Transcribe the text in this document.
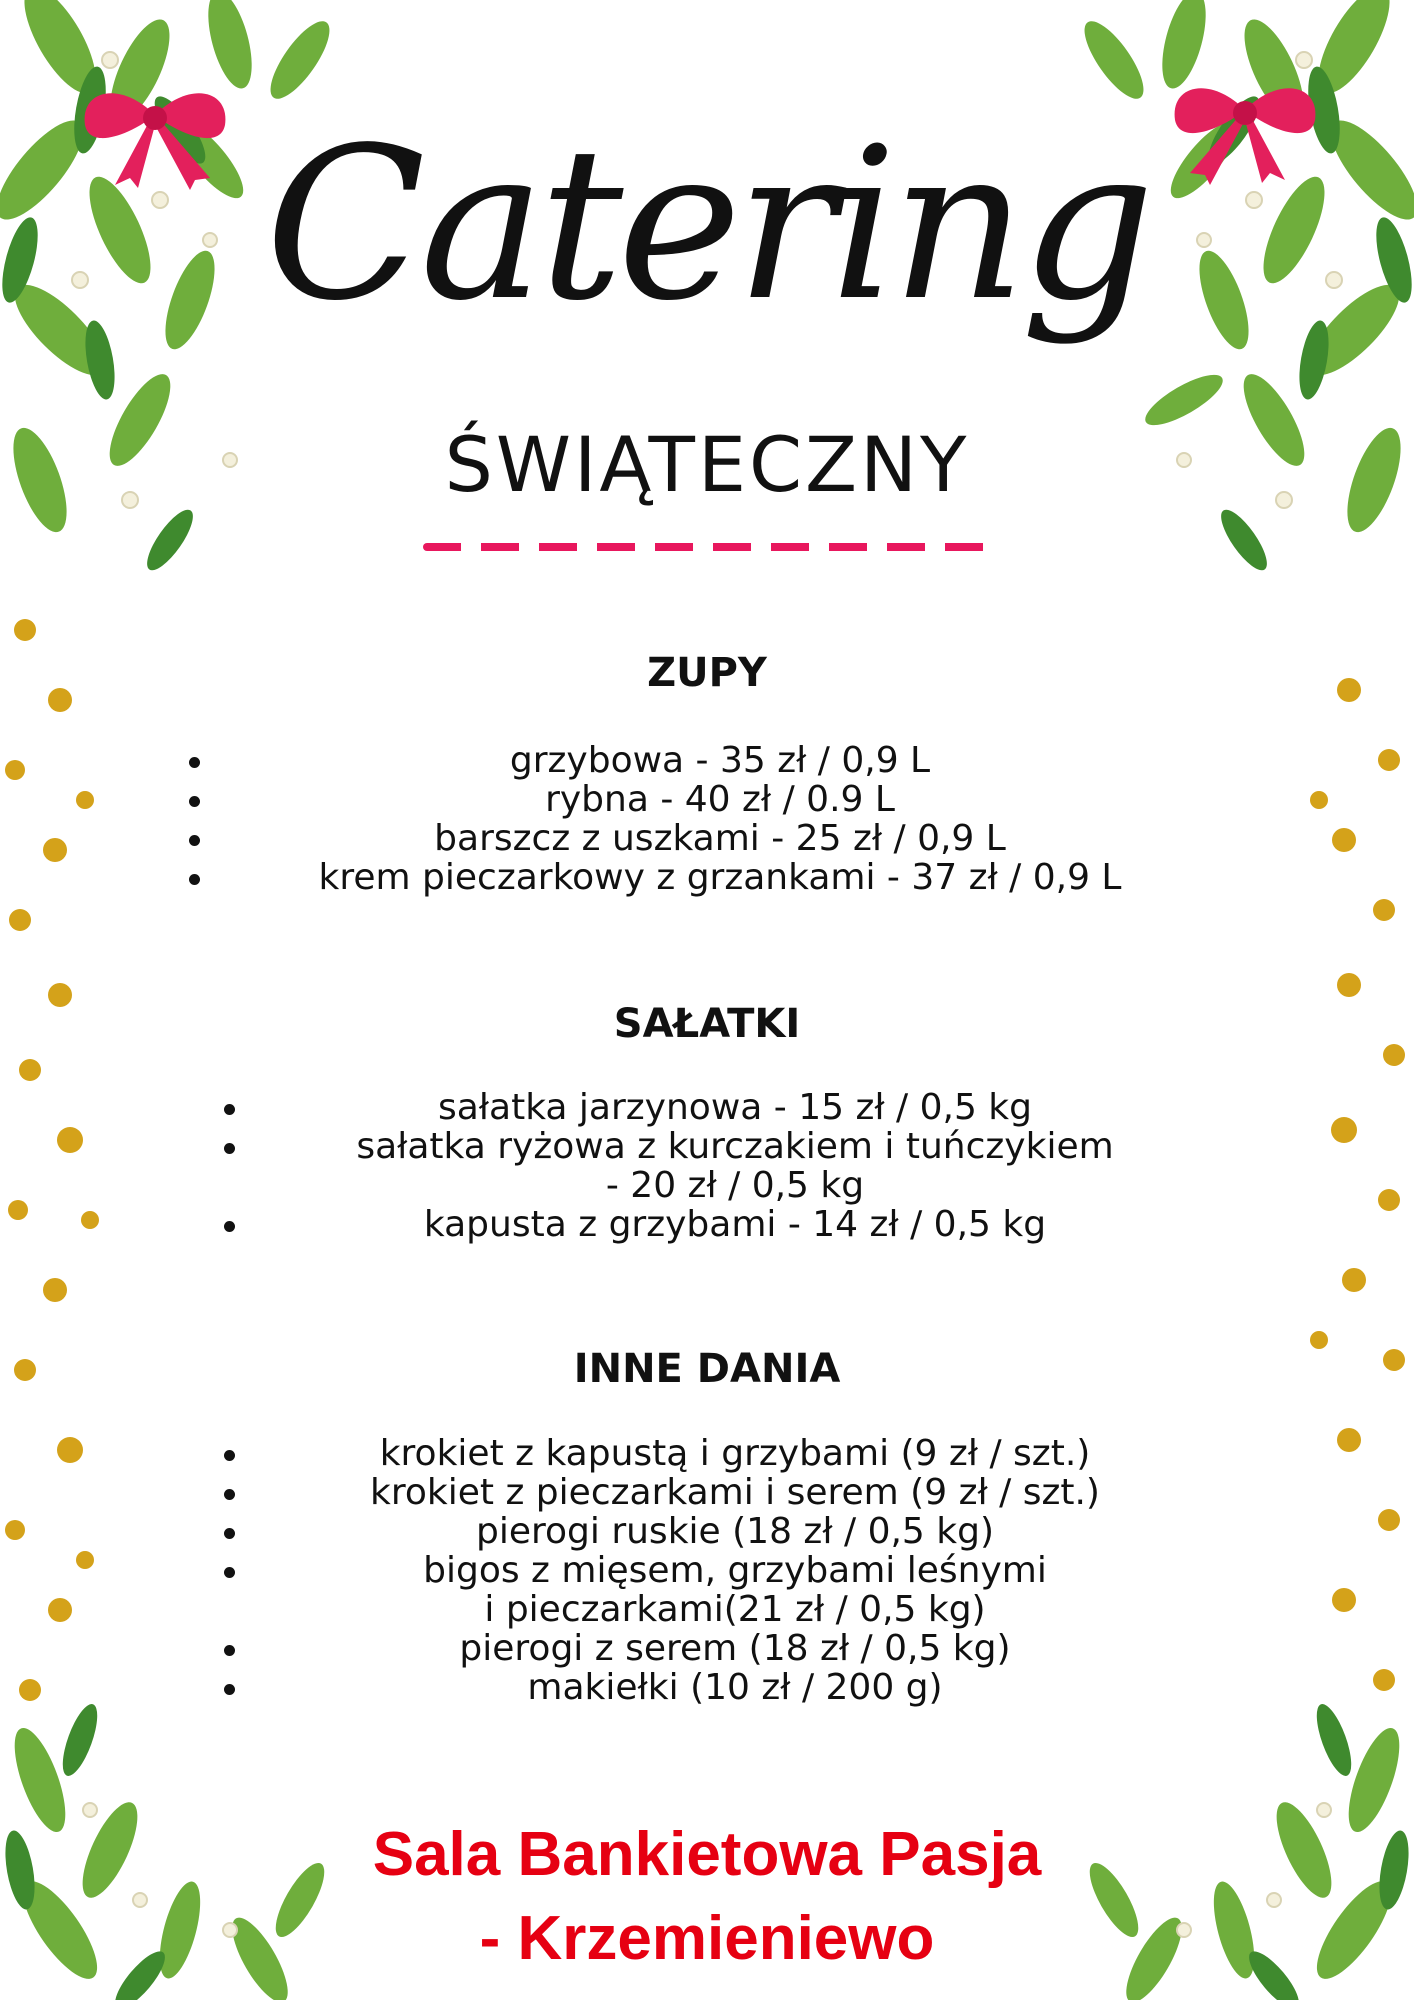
Catering
ŚWIĄTECZNY
ZUPY
grzybowa - 35 zł / 0,9 L
rybna - 40 zł / 0.9 L
barszcz z uszkami - 25 zł / 0,9 L
krem pieczarkowy z grzankami - 37 zł / 0,9 L
SAŁATKI
sałatka jarzynowa - 15 zł / 0,5 kg
sałatka ryżowa z kurczakiem i tuńczykiem
- 20 zł / 0,5 kg
kapusta z grzybami - 14 zł / 0,5 kg
INNE DANIA
krokiet z kapustą i grzybami (9 zł / szt.)
krokiet z pieczarkami i serem (9 zł / szt.)
pierogi ruskie (18 zł / 0,5 kg)
bigos z mięsem, grzybami leśnymi
i pieczarkami(21 zł / 0,5 kg)
pierogi z serem (18 zł / 0,5 kg)
makiełki (10 zł / 200 g)
Sala Bankietowa Pasja
- Krzemieniewo
